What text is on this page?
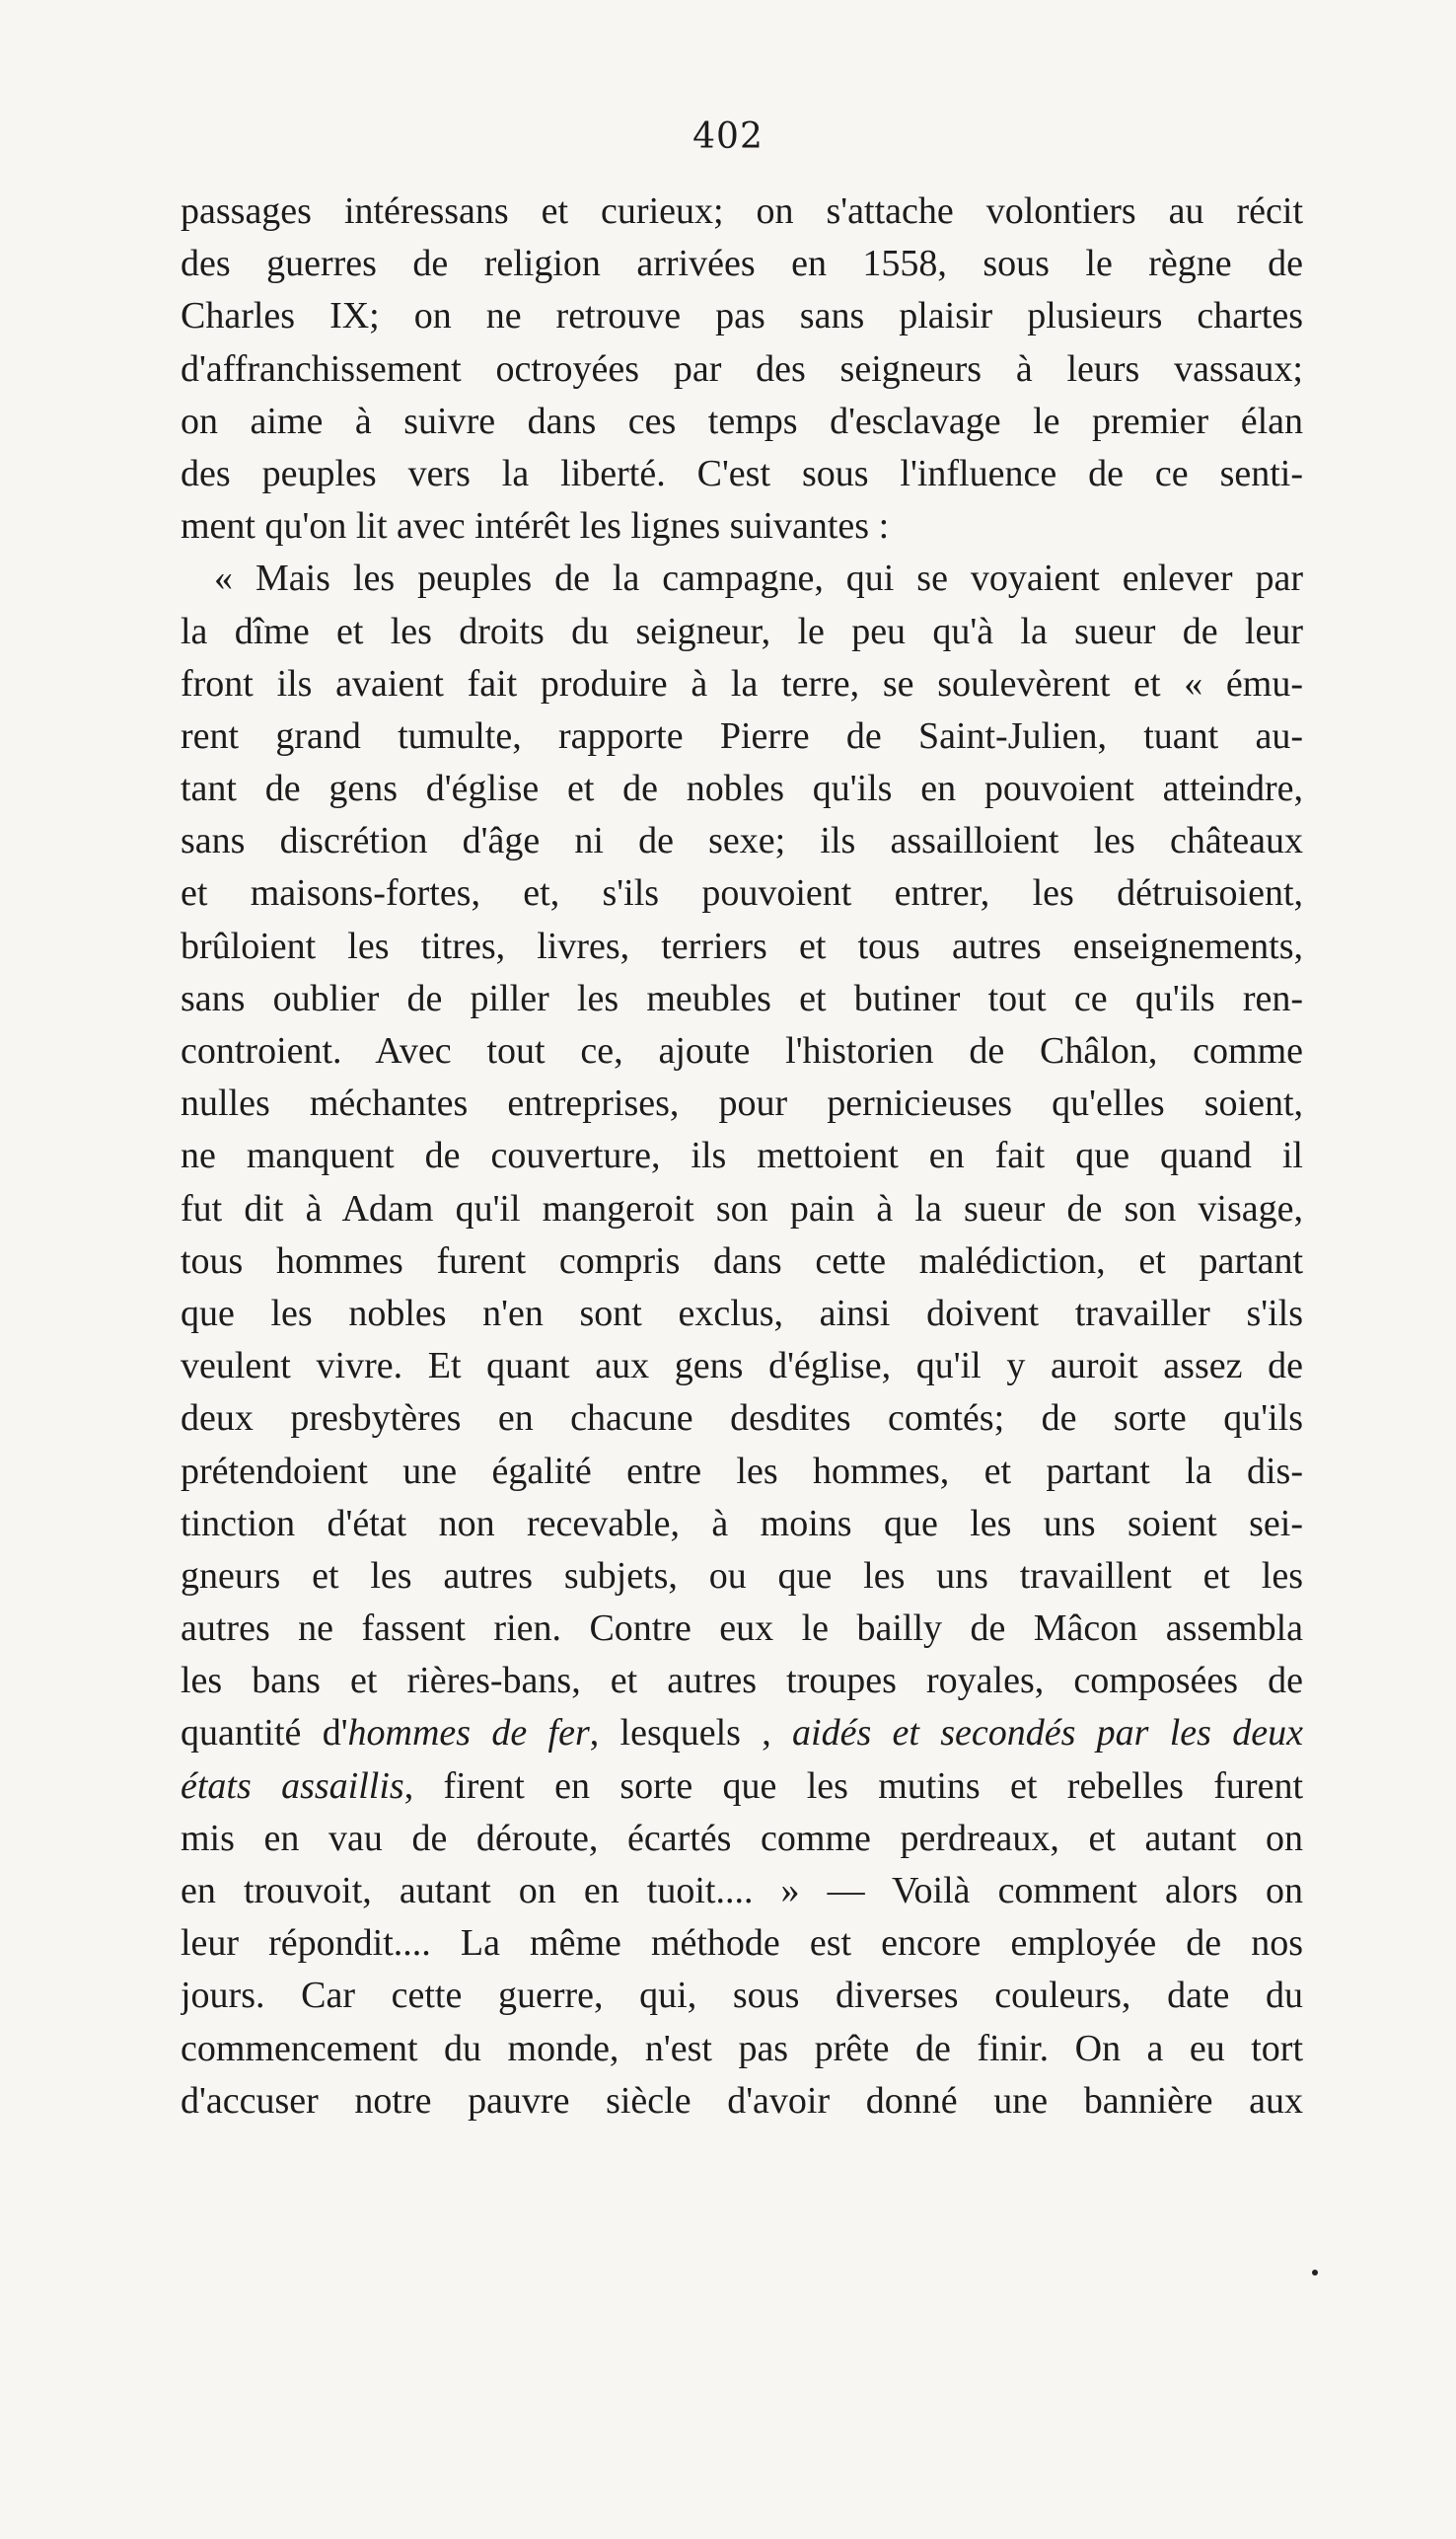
402
passages intéressans et curieux; on s'attache volontiers au récit
des guerres de religion arrivées en 1558, sous le règne de
Charles IX; on ne retrouve pas sans plaisir plusieurs chartes
d'affranchissement octroyées par des seigneurs à leurs vassaux;
on aime à suivre dans ces temps d'esclavage le premier élan
des peuples vers la liberté. C'est sous l'influence de ce senti-
ment qu'on lit avec intérêt les lignes suivantes :
« Mais les peuples de la campagne, qui se voyaient enlever par
la dîme et les droits du seigneur, le peu qu'à la sueur de leur
front ils avaient fait produire à la terre, se soulevèrent et « ému-
rent grand tumulte, rapporte Pierre de Saint-Julien, tuant au-
tant de gens d'église et de nobles qu'ils en pouvoient atteindre,
sans discrétion d'âge ni de sexe; ils assailloient les châteaux
et maisons-fortes, et, s'ils pouvoient entrer, les détruisoient,
brûloient les titres, livres, terriers et tous autres enseignements,
sans oublier de piller les meubles et butiner tout ce qu'ils ren-
controient. Avec tout ce, ajoute l'historien de Châlon, comme
nulles méchantes entreprises, pour pernicieuses qu'elles soient,
ne manquent de couverture, ils mettoient en fait que quand il
fut dit à Adam qu'il mangeroit son pain à la sueur de son visage,
tous hommes furent compris dans cette malédiction, et partant
que les nobles n'en sont exclus, ainsi doivent travailler s'ils
veulent vivre. Et quant aux gens d'église, qu'il y auroit assez de
deux presbytères en chacune desdites comtés; de sorte qu'ils
prétendoient une égalité entre les hommes, et partant la dis-
tinction d'état non recevable, à moins que les uns soient sei-
gneurs et les autres subjets, ou que les uns travaillent et les
autres ne fassent rien. Contre eux le bailly de Mâcon assembla
les bans et rières-bans, et autres troupes royales, composées de
quantité d'hommes de fer, lesquels , aidés et secondés par les deux
états assaillis, firent en sorte que les mutins et rebelles furent
mis en vau de déroute, écartés comme perdreaux, et autant on
en trouvoit, autant on en tuoit.... » — Voilà comment alors on
leur répondit.... La même méthode est encore employée de nos
jours. Car cette guerre, qui, sous diverses couleurs, date du
commencement du monde, n'est pas prête de finir. On a eu tort
d'accuser notre pauvre siècle d'avoir donné une bannière aux
